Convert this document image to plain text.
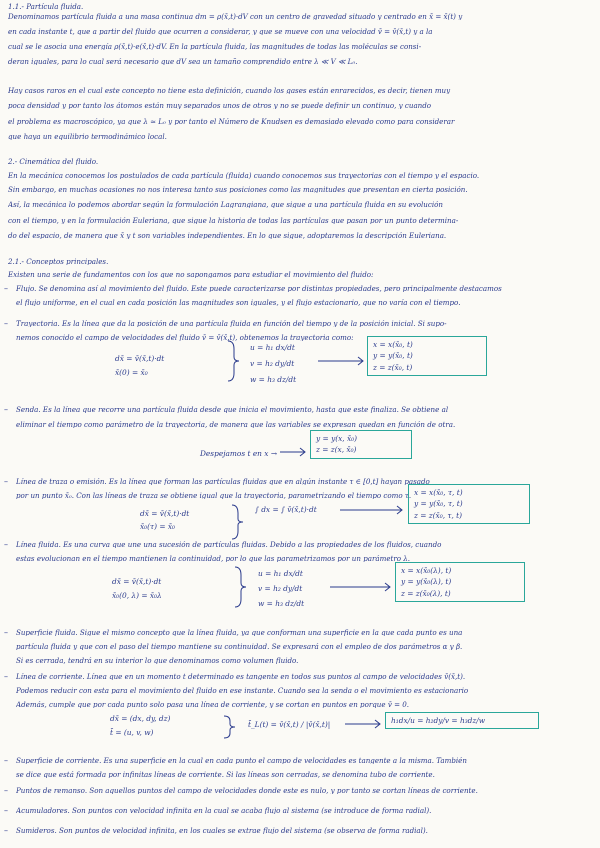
1.1.- Partícula fluida.
Denominamos partícula fluida a una masa continua dm = ρ(x̄,t)·dV con un centro de gravedad situado y centrado en x̄ = x̄(t) y
en cada instante t, que a partir del fluido que ocurren a considerar, y que se mueve con una velocidad v̄ = v̄(x̄,t) y a la
cual se le asocia una energía ρ(x̄,t)·e(x̄,t)·dV. En la partícula fluida, las magnitudes de todas las moléculas se consi-
deran iguales, para lo cual será necesario que dV sea un tamaño comprendido entre λ ≪ V ≪ L₀.
Hay casos raros en el cual este concepto no tiene esta definición, cuando los gases están enrarecidos, es decir, tienen muy
poca densidad y por tanto los átomos están muy separados unos de otros y no se puede definir un continuo, y cuando
el problema es macroscópico, ya que λ ≈ L₀ y por tanto el Número de Knudsen es demasiado elevado como para considerar
que haya un equilibrio termodinámico local.
2.- Cinemática del fluido.
En la mecánica conocemos los postulados de cada partícula (fluida) cuando conocemos sus trayectorias con el tiempo y el espacio.
Sin embargo, en muchas ocasiones no nos interesa tanto sus posiciones como las magnitudes que presentan en cierta posición.
Así, la mecánica lo podemos abordar según la formulación Lagrangiana, que sigue a una partícula fluida en su evolución
con el tiempo, y en la formulación Euleriana, que sigue la historia de todas las partículas que pasan por un punto determina-
do del espacio, de manera que x̄ y t son variables independientes. En lo que sigue, adoptaremos la descripción Euleriana.
2.1.- Conceptos principales.
Existen una serie de fundamentos con los que no sapongamos para estudiar el movimiento del fluido:
– Flujo. Se denomina así al movimiento del fluido. Este puede caracterizarse por distintas propiedades, pero principalmente destacamos
el flujo uniforme, en el cual en cada posición las magnitudes son iguales, y el flujo estacionario, que no varía con el tiempo.
– Trayectoria. Es la línea que da la posición de una partícula fluida en función del tiempo y de la posición inicial. Si supo-
nemos conocido el campo de velocidades del fluido v̄ = v̄(x̄,t), obtenemos la trayectoria como:
dx̄ = v̄(x̄,t)·dt
x̄(0) = x̄₀
u = h₁ dx/dt
v = h₂ dy/dt
w = h₃ dz/dt
x = x(x̄₀, t)
y = y(x̄₀, t)
z = z(x̄₀, t)
– Senda. Es la línea que recorre una partícula fluida desde que inicia el movimiento, hasta que este finaliza. Se obtiene al
eliminar el tiempo como parámetro de la trayectoria, de manera que las variables se expresan quedan en función de otra.
Despejamos t en x →
y = y(x, x̄₀)
z = z(x, x̄₀)
– Línea de traza o emisión. Es la línea que forman las partículas fluidas que en algún instante τ ∈ [0,t] hayan pasado
por un punto x̄₀. Con las líneas de traza se obtiene igual que la trayectoria, parametrizando el tiempo como τ.
dx̄ = v̄(x̄,t)·dt
x̄₀(τ) = x̄₀
∫ dx = ∫ v̄(x̄,t)·dt
x = x(x̄₀, τ, t)
y = y(x̄₀, τ, t)
z = z(x̄₀, τ, t)
– Línea fluida. Es una curva que une una sucesión de partículas fluidas. Debido a las propiedades de los fluidos, cuando
estas evolucionan en el tiempo mantienen la continuidad, por lo que las parametrizamos por un parámetro λ.
dx̄ = v̄(x̄,t)·dt
x̄₀(0, λ) = x̄₀λ
u = h₁ dx/dt
v = h₂ dy/dt
w = h₃ dz/dt
x = x(x̄₀(λ), t)
y = y(x̄₀(λ), t)
z = z(x̄₀(λ), t)
– Superficie fluida. Sigue el mismo concepto que la línea fluida, ya que conforman una superficie en la que cada punto es una
partícula fluida y que con el paso del tiempo mantiene su continuidad. Se expresará con el empleo de dos parámetros α y β.
Si es cerrada, tendrá en su interior lo que denominamos como volumen fluido.
– Línea de corriente. Línea que en un momento t determinado es tangente en todos sus puntos al campo de velocidades v̄(x̄,t).
Podemos reducir con esta para el movimiento del fluido en ese instante. Cuando sea la senda o el movimiento es estacionario
Además, cumple que por cada punto solo pasa una línea de corriente, y se cortan en puntos en porque v̄ = 0.
dx̄ = (dx, dy, dz)
t̄ = (u, v, w)
t̄_L(t) = v̄(x̄,t) / |v̄(x̄,t)|	h₁dx/u = h₂dy/v = h₃dz/w
– Superficie de corriente. Es una superficie en la cual en cada punto el campo de velocidades es tangente a la misma. También
se dice que está formada por infinitas líneas de corriente. Si las líneas son cerradas, se denomina tubo de corriente.
– Puntos de remanso. Son aquellos puntos del campo de velocidades donde este es nulo, y por tanto se cortan líneas de corriente.
– Acumuladores. Son puntos con velocidad infinita en la cual se acaba flujo al sistema (se introduce de forma radial).
– Sumideros. Son puntos de velocidad infinita, en los cuales se extrae flujo del sistema (se observa de forma radial).
